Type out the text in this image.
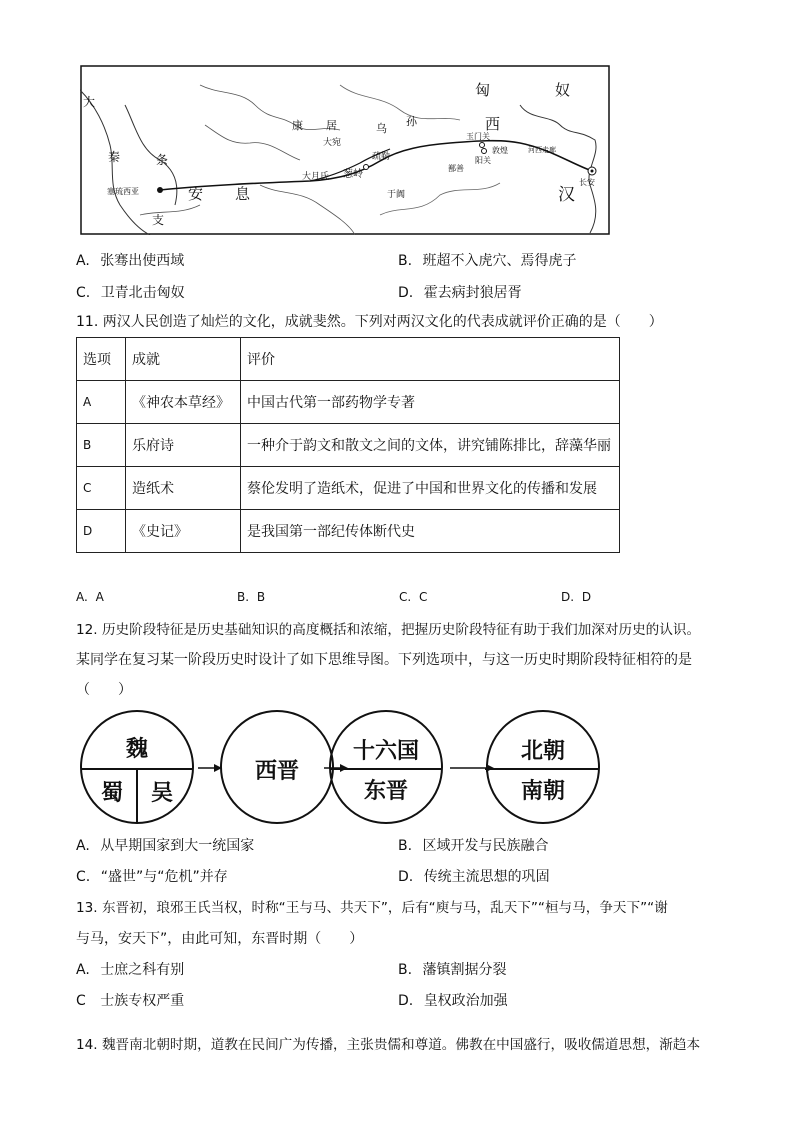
匈	奴
大
康 居	乌
孙	西
玉门关
大宛
敦煌	河西走廊
阳关
疏勒
葱岭
鄯善
大月氏
秦	条
塞琉西亚	安 息	于阗	汉
长安
支
A. 张骞出使西域	B. 班超不入虎穴、焉得虎子
C. 卫青北击匈奴	D. 霍去病封狼居胥
11. 两汉人民创造了灿烂的文化，成就斐然。下列对两汉文化的代表成就评价正确的是（　　）
选项	成就	评价
A	《神农本草经》	中国古代第一部药物学专著
B	乐府诗	一种介于韵文和散文之间的文体，讲究铺陈排比，辞藻华丽
C	造纸术	蔡伦发明了造纸术，促进了中国和世界文化的传播和发展
D	《史记》	是我国第一部纪传体断代史
A. A	B. B	C. C	D. D
12. 历史阶段特征是历史基础知识的高度概括和浓缩，把握历史阶段特征有助于我们加深对历史的认识。
某同学在复习某一阶段历史时设计了如下思维导图。下列选项中，与这一历史时期阶段特征相符的是
（　　）
魏
蜀	吴
西晋
十六国
东晋
北朝
南朝
A. 从早期国家到大一统国家	B. 区域开发与民族融合
C. “盛世”与“危机”并存	D. 传统主流思想的巩固
13. 东晋初，琅邪王氏当权，时称“王与马、共天下”，后有“庾与马，乱天下”“桓与马，争天下”“谢
与马，安天下”，由此可知，东晋时期（　　）
A. 士庶之科有别	B. 藩镇割据分裂
C 士族专权严重	D. 皇权政治加强
14. 魏晋南北朝时期，道教在民间广为传播，主张贵儒和尊道。佛教在中国盛行，吸收儒道思想，渐趋本
